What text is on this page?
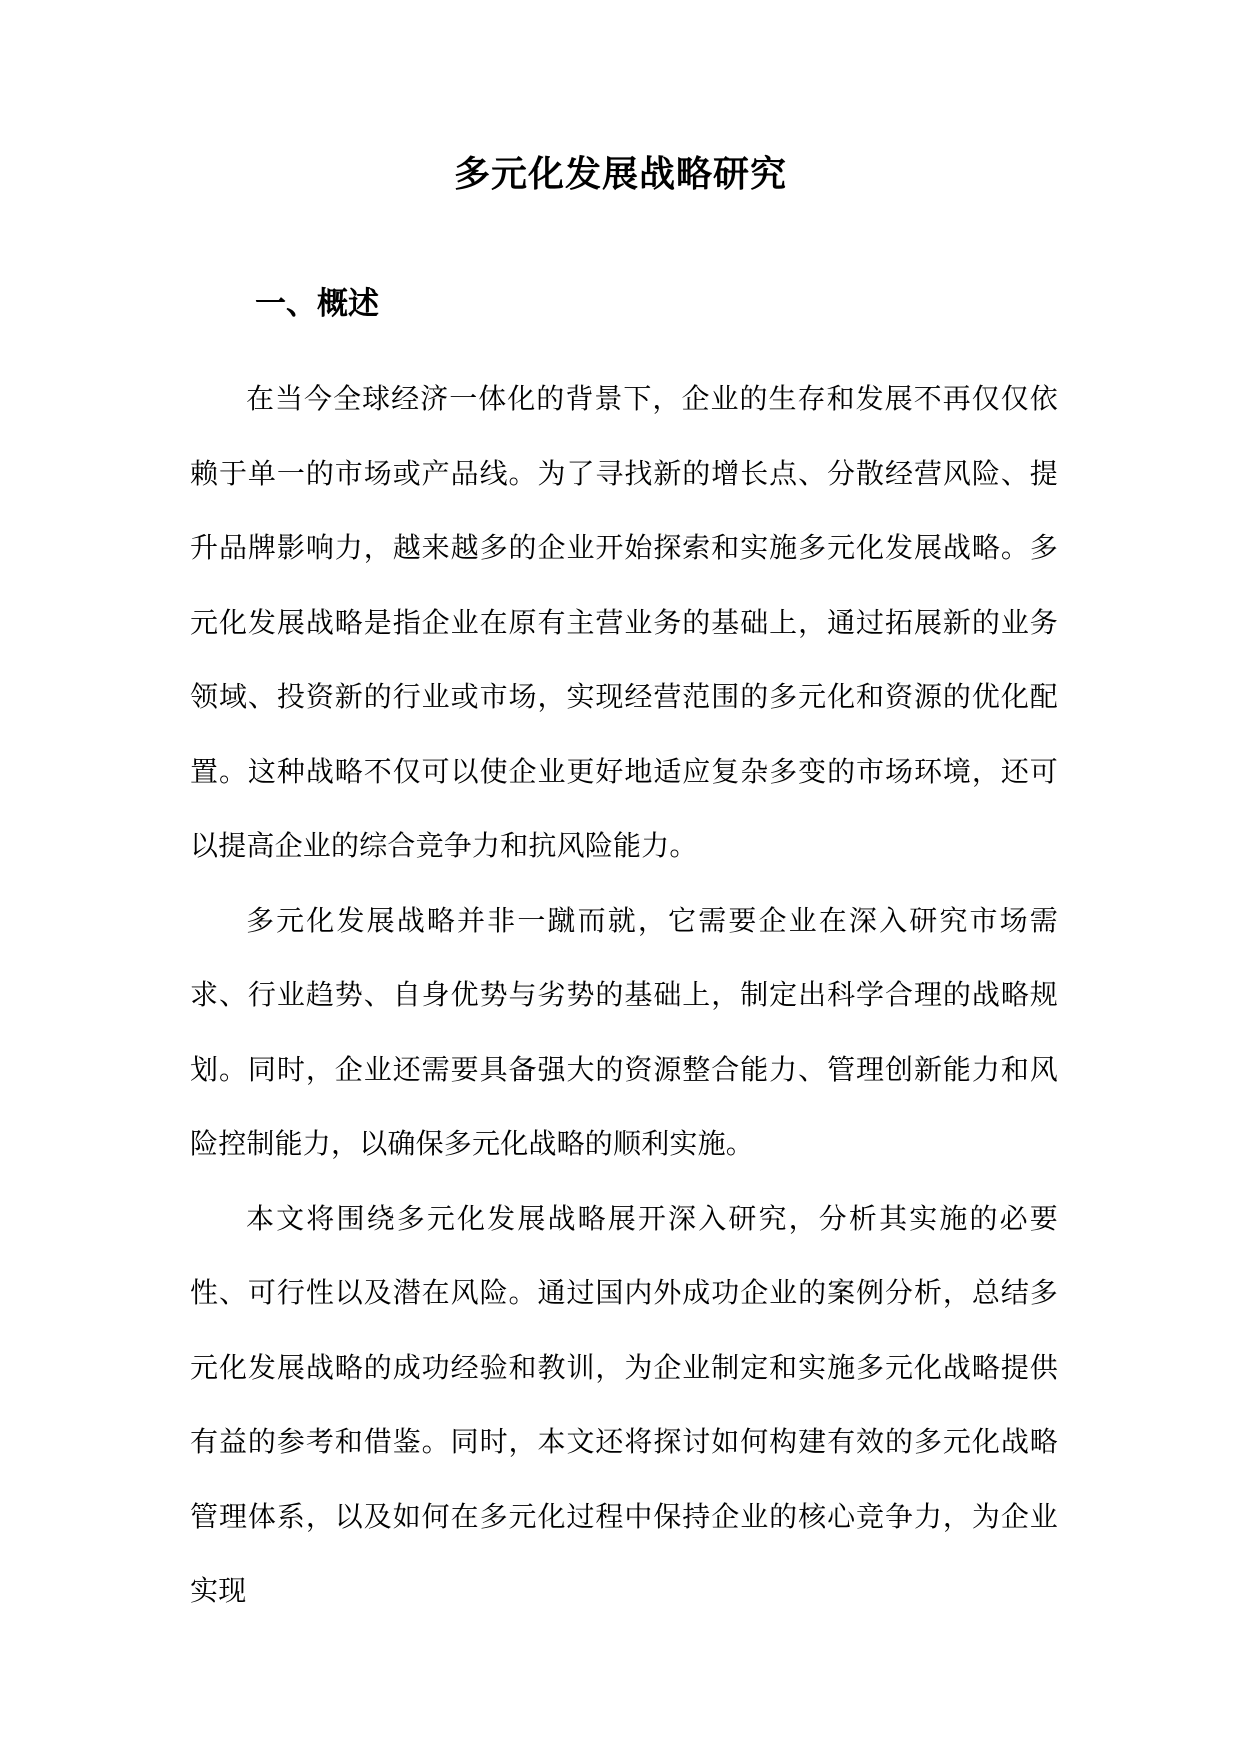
多元化发展战略研究
一、概述

在当今全球经济一体化的背景下，企业的生存和发展不再仅仅依赖于单一的市场或产品线。为了寻找新的增长点、分散经营风险、提升品牌影响力，越来越多的企业开始探索和实施多元化发展战略。多元化发展战略是指企业在原有主营业务的基础上，通过拓展新的业务领域、投资新的行业或市场，实现经营范围的多元化和资源的优化配置。这种战略不仅可以使企业更好地适应复杂多变的市场环境，还可以提高企业的综合竞争力和抗风险能力。

多元化发展战略并非一蹴而就，它需要企业在深入研究市场需求、行业趋势、自身优势与劣势的基础上，制定出科学合理的战略规划。同时，企业还需要具备强大的资源整合能力、管理创新能力和风险控制能力，以确保多元化战略的顺利实施。

本文将围绕多元化发展战略展开深入研究，分析其实施的必要性、可行性以及潜在风险。通过国内外成功企业的案例分析，总结多元化发展战略的成功经验和教训，为企业制定和实施多元化战略提供有益的参考和借鉴。同时，本文还将探讨如何构建有效的多元化战略管理体系，以及如何在多元化过程中保持企业的核心竞争力，为企业实现
